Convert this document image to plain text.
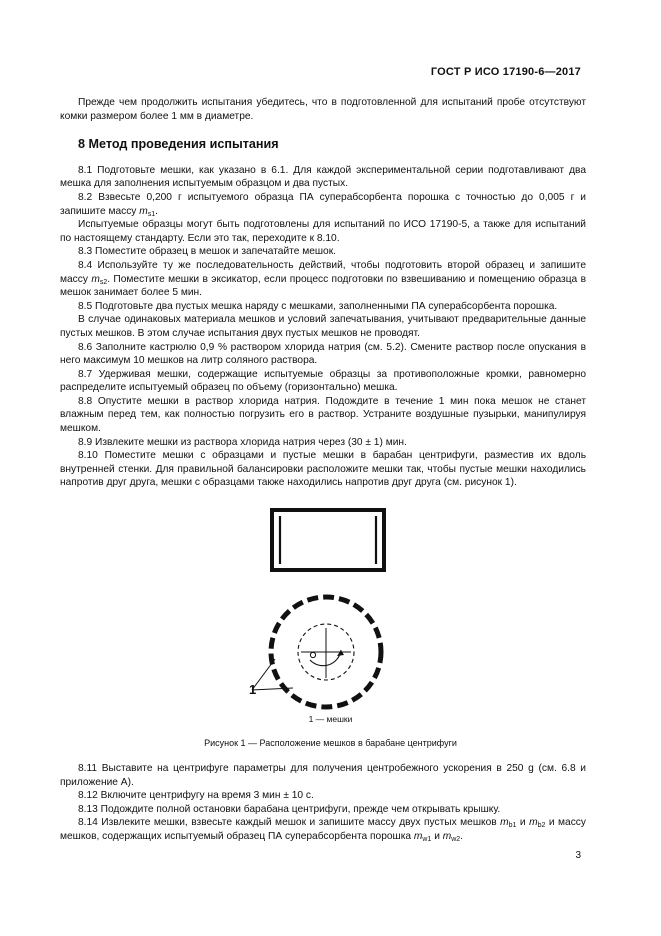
ГОСТ Р ИСО 17190-6—2017

Прежде чем продолжить испытания убедитесь, что в подготовленной для испытаний пробе отсутствуют комки размером более 1 мм в диаметре.

8 Метод проведения испытания

8.1 Подготовьте мешки, как указано в 6.1. Для каждой экспериментальной серии подготавливают два мешка для заполнения испытуемым образцом и два пустых.

8.2 Взвесьте 0,200 г испытуемого образца ПА суперабсорбента порошка с точностью до 0,005 г и запишите массу $m_{s1}$.

Испытуемые образцы могут быть подготовлены для испытаний по ИСО 17190-5, а также для испытаний по настоящему стандарту. Если это так, переходите к 8.10.

8.3 Поместите образец в мешок и запечатайте мешок.

8.4 Используйте ту же последовательность действий, чтобы подготовить второй образец и запишите массу $m_{s2}$. Поместите мешки в эксикатор, если процесс подготовки по взвешиванию и помещению образца в мешок занимает более 5 мин.

8.5 Подготовьте два пустых мешка наряду с мешками, заполненными ПА суперабсорбента порошка.

В случае одинаковых материала мешков и условий запечатывания, учитывают предварительные данные пустых мешков. В этом случае испытания двух пустых мешков не проводят.

8.6 Заполните кастрюлю 0,9 % раствором хлорида натрия (см. 5.2). Смените раствор после опускания в него максимум 10 мешков на литр соляного раствора.

8.7 Удерживая мешки, содержащие испытуемые образцы за противоположные кромки, равномерно распределите испытуемый образец по объему (горизонтально) мешка.

8.8 Опустите мешки в раствор хлорида натрия. Подождите в течение 1 мин пока мешок не станет влажным перед тем, как полностью погрузить его в раствор. Устраните воздушные пузырьки, манипулируя мешком.

8.9 Извлеките мешки из раствора хлорида натрия через (30 ± 1) мин.

8.10 Поместите мешки с образцами и пустые мешки в барабан центрифуги, разместив их вдоль внутренней стенки. Для правильной балансировки расположите мешки так, чтобы пустые мешки находились напротив друг друга, мешки с образцами также находились напротив друг друга (см. рисунок 1).

1
1 — мешки
Рисунок 1 — Расположение мешков в барабане центрифуги

8.11 Выставите на центрифуге параметры для получения центробежного ускорения в 250 g (см. 6.8 и приложение А).

8.12 Включите центрифугу на время 3 мин ± 10 с.

8.13 Подождите полной остановки барабана центрифуги, прежде чем открывать крышку.

8.14 Извлеките мешки, взвесьте каждый мешок и запишите массу двух пустых мешков $m_{b1}$ и $m_{b2}$ и массу мешков, содержащих испытуемый образец ПА суперабсорбента порошка $m_{w1}$ и $m_{w2}$.

3
